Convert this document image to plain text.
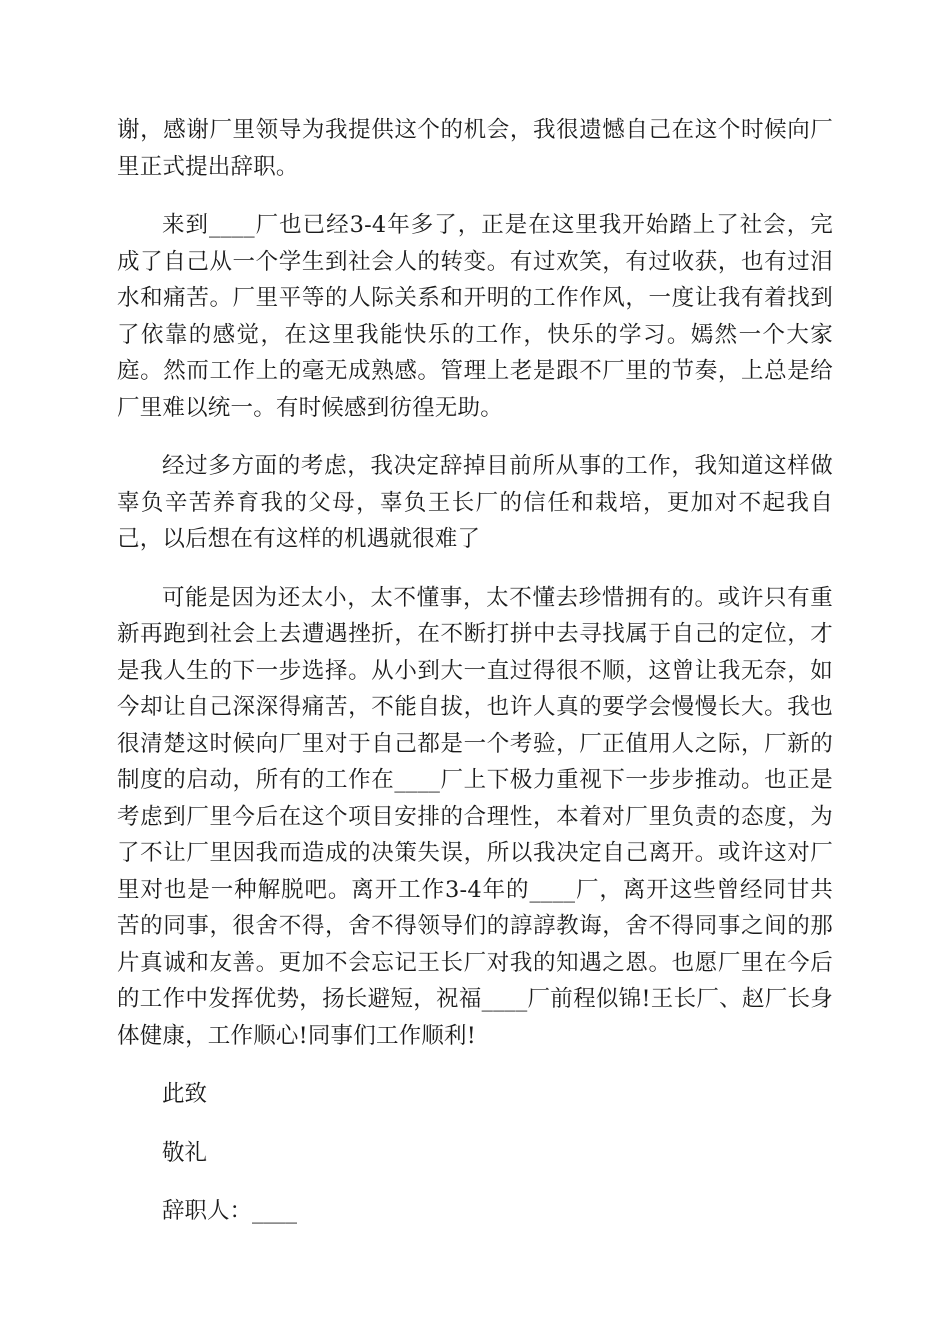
谢，感谢厂里领导为我提供这个的机会，我很遗憾自己在这个时候向厂里正式提出辞职。

来到____厂也已经3-4年多了，正是在这里我开始踏上了社会，完成了自己从一个学生到社会人的转变。有过欢笑，有过收获，也有过泪水和痛苦。厂里平等的人际关系和开明的工作作风，一度让我有着找到了依靠的感觉，在这里我能快乐的工作，快乐的学习。嫣然一个大家庭。然而工作上的毫无成熟感。管理上老是跟不厂里的节奏，上总是给厂里难以统一。有时候感到彷徨无助。

经过多方面的考虑，我决定辞掉目前所从事的工作，我知道这样做辜负辛苦养育我的父母，辜负王长厂的信任和栽培，更加对不起我自己，以后想在有这样的机遇就很难了

可能是因为还太小，太不懂事，太不懂去珍惜拥有的。或许只有重新再跑到社会上去遭遇挫折，在不断打拼中去寻找属于自己的定位，才是我人生的下一步选择。从小到大一直过得很不顺，这曾让我无奈，如今却让自己深深得痛苦，不能自拔，也许人真的要学会慢慢长大。我也很清楚这时候向厂里对于自己都是一个考验，厂正值用人之际，厂新的制度的启动，所有的工作在____厂上下极力重视下一步步推动。也正是考虑到厂里今后在这个项目安排的合理性，本着对厂里负责的态度，为了不让厂里因我而造成的决策失误，所以我决定自己离开。或许这对厂里对也是一种解脱吧。离开工作3-4年的____厂，离开这些曾经同甘共苦的同事，很舍不得，舍不得领导们的諄諄教诲，舍不得同事之间的那片真诚和友善。更加不会忘记王长厂对我的知遇之恩。也愿厂里在今后的工作中发挥优势，扬长避短，祝福____厂前程似锦!王长厂、赵厂长身体健康，工作顺心!同事们工作顺利!

此致

敬礼

辞职人：____
